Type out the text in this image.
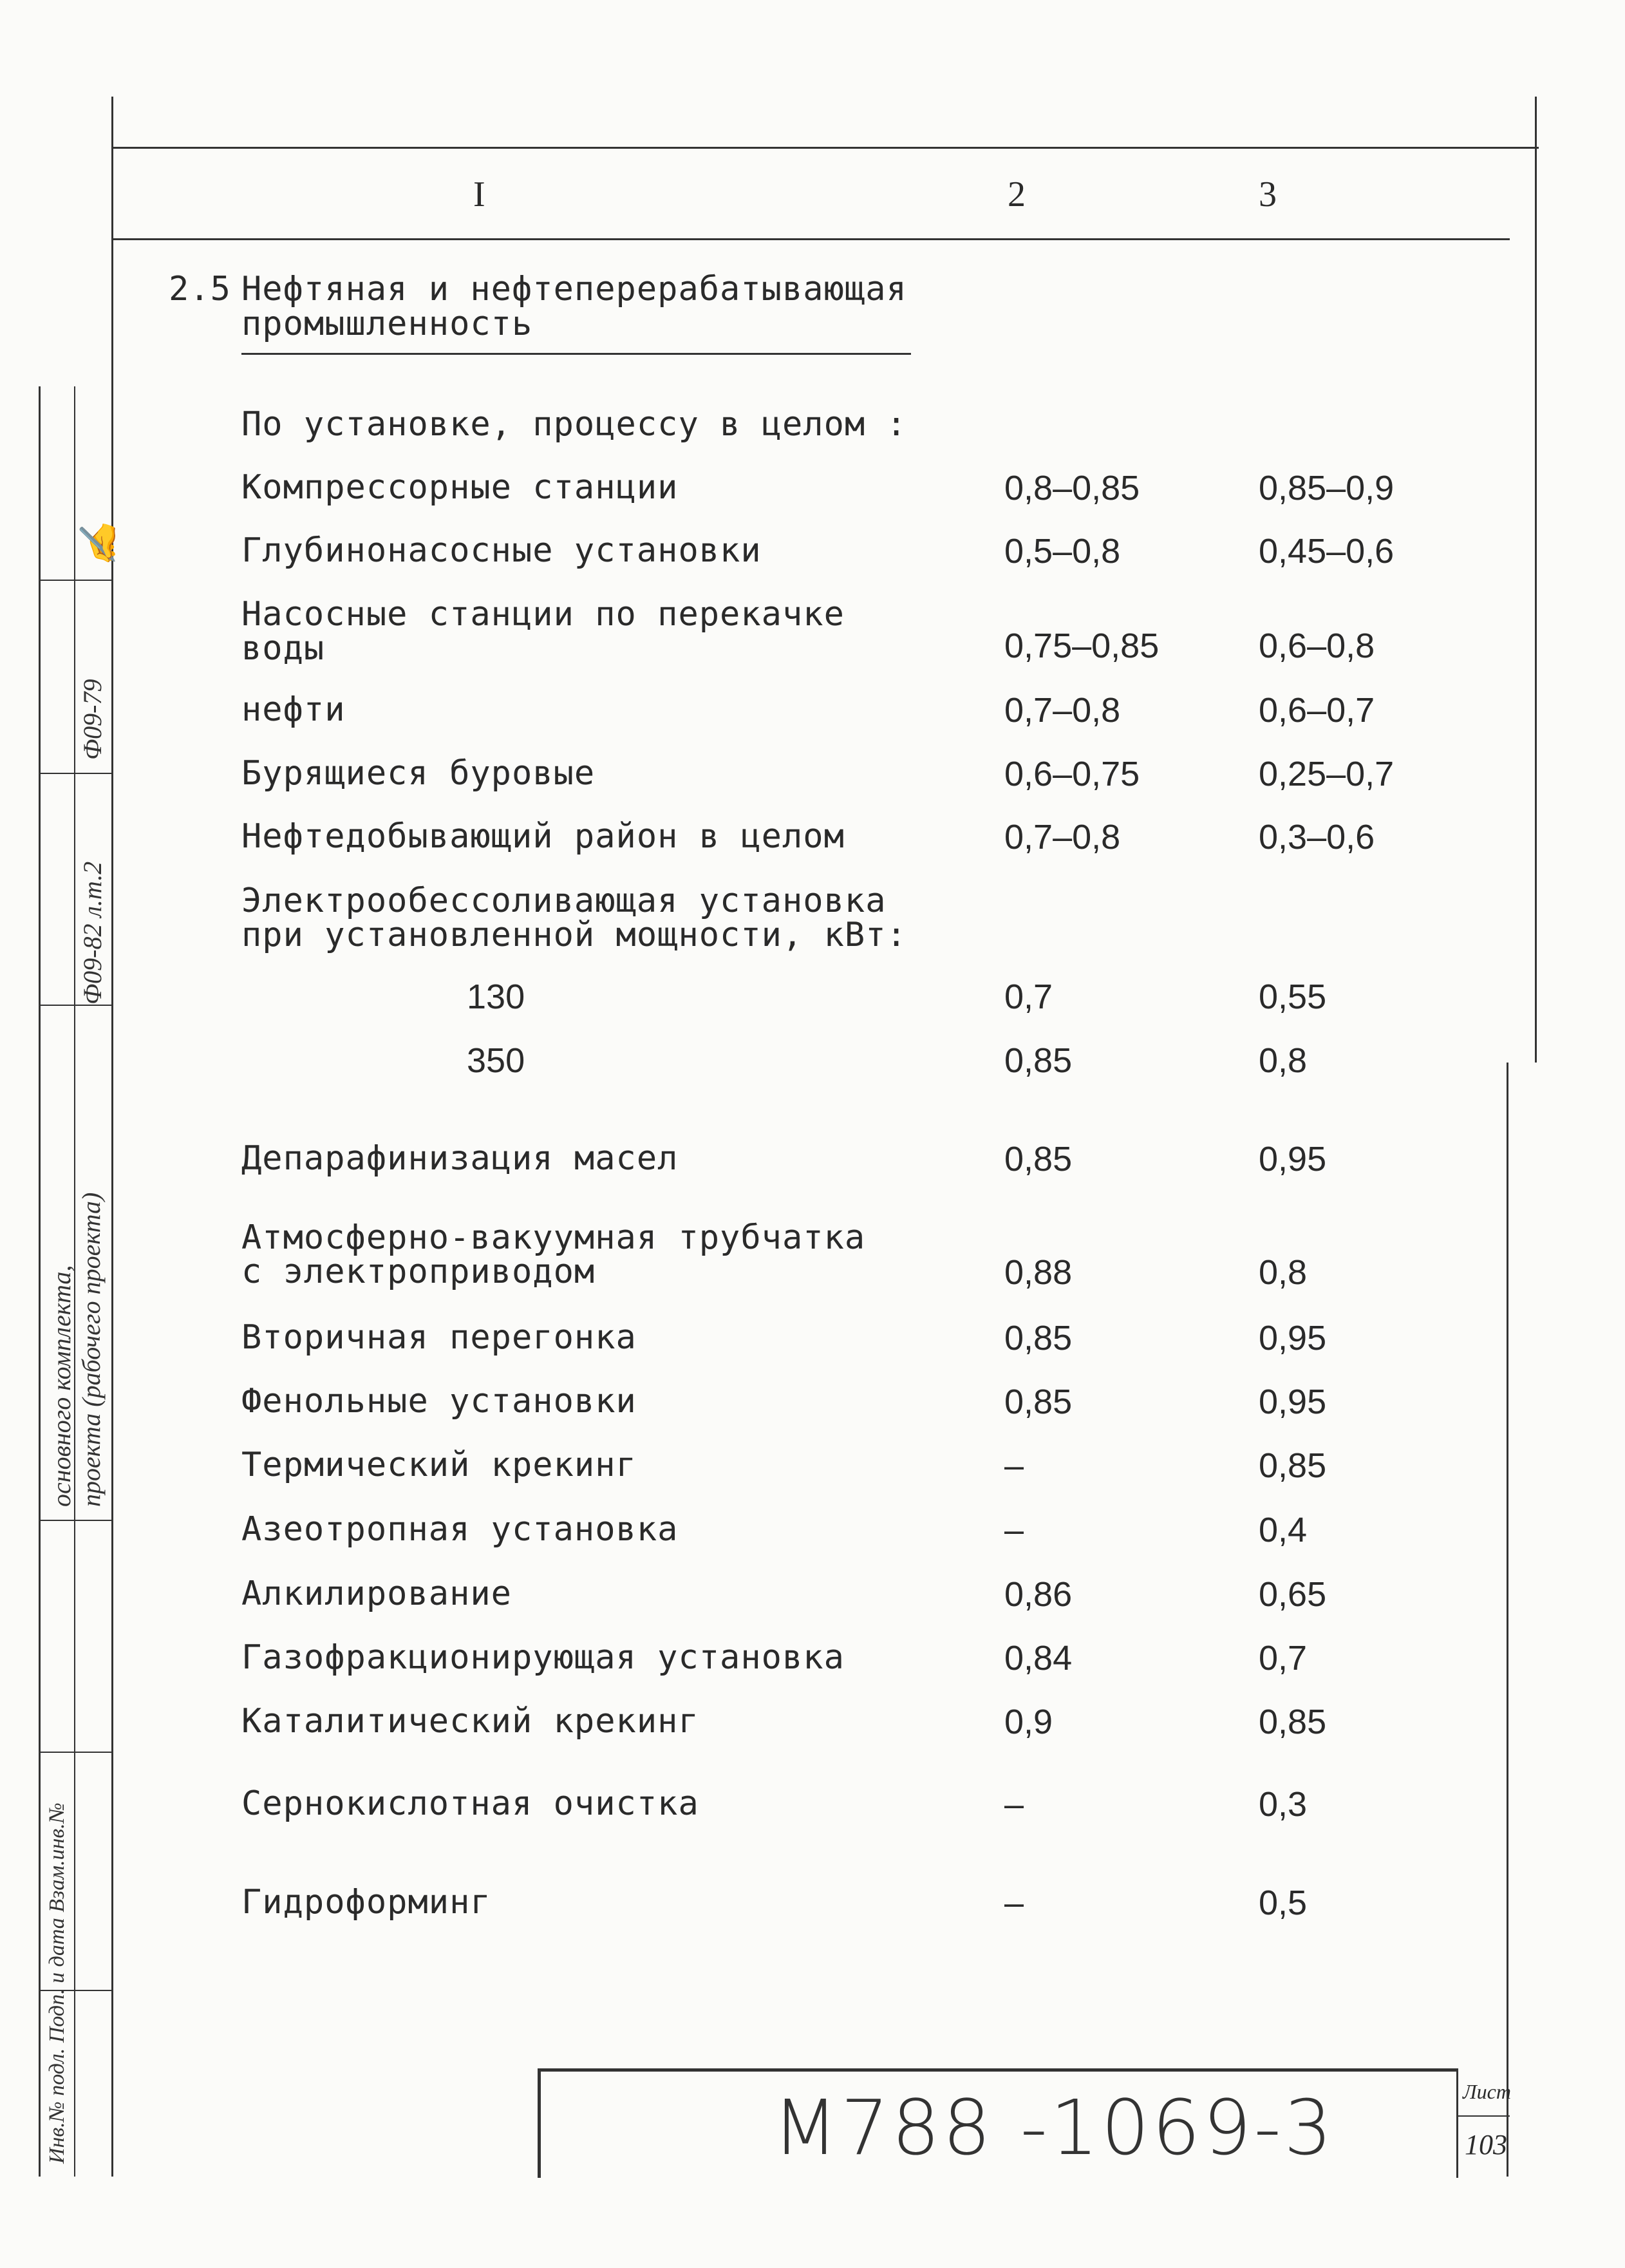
✍
Ф09-79
Ф09-82 л.т.2
основного комплекта, проекта (рабочего проекта)
Инв.№ подл. Подп. и дата Взам.инв.№
I	2	3
2.5 Нефтяная и нефтеперерабатывающая
промышленность
По установке, процессу в целом :
Компрессорные станции	0,8–0,85	0,85–0,9
Глубинонасосные установки	0,5–0,8	0,45–0,6
Насосные станции по перекачке
воды	0,75–0,85	0,6–0,8
нефти	0,7–0,8	0,6–0,7
Бурящиеся буровые	0,6–0,75	0,25–0,7
Нефтедобывающий район в целом	0,7–0,8	0,3–0,6
Электрообессоливающая установка
при установленной мощности, кВт:
130	0,7	0,55
350	0,85	0,8
Депарафинизация масел	0,85	0,95
Атмосферно-вакуумная трубчатка
с электроприводом	0,88	0,8
Вторичная перегонка	0,85	0,95
Фенольные установки	0,85	0,95
Термический крекинг	–	0,85
Азеотропная установка	–	0,4
Алкилирование	0,86	0,65
Газофракционирующая установка	0,84	0,7
Каталитический крекинг	0,9	0,85
Сернокислотная очистка	–	0,3
Гидроформинг	–	0,5
М788 -1069-3	Лист
103
